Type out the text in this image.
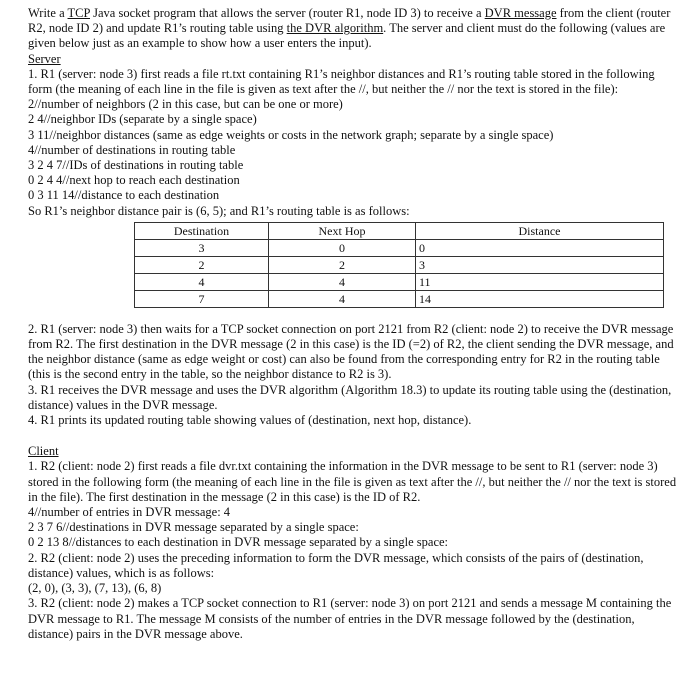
Write a TCP Java socket program that allows the server (router R1, node ID 3) to receive a DVR message from the client (router R2, node ID 2) and update R1’s routing table using the DVR algorithm. The server and client must do the following (values are given below just as an example to show how a user enters the input).

Server

1. R1 (server: node 3) first reads a file rt.txt containing R1’s neighbor distances and R1’s routing table stored in the following form (the meaning of each line in the file is given as text after the //, but neither the // nor the text is stored in the file):

2//number of neighbors (2 in this case, but can be one or more)

2 4//neighbor IDs (separate by a single space)

3 11//neighbor distances (same as edge weights or costs in the network graph; separate by a single space)

4//number of destinations in routing table

3 2 4 7//IDs of destinations in routing table

0 2 4 4//next hop to reach each destination

0 3 11 14//distance to each destination

So R1’s neighbor distance pair is (6, 5); and R1’s routing table is as follows:

Destination	Next Hop	Distance
3	0	0
2	2	3
4	4	11
7	4	14

2. R1 (server: node 3) then waits for a TCP socket connection on port 2121 from R2 (client: node 2) to receive the DVR message from R2. The first destination in the DVR message (2 in this case) is the ID (=2) of R2, the client sending the DVR message, and the neighbor distance (same as edge weight or cost) can also be found from the corresponding entry for R2 in the routing table (this is the second entry in the table, so the neighbor distance to R2 is 3).

3. R1 receives the DVR message and uses the DVR algorithm (Algorithm 18.3) to update its routing table using the (destination, distance) values in the DVR message.

4. R1 prints its updated routing table showing values of (destination, next hop, distance).

Client

1. R2 (client: node 2) first reads a file dvr.txt containing the information in the DVR message to be sent to R1 (server: node 3) stored in the following form (the meaning of each line in the file is given as text after the //, but neither the // nor the text is stored in the file). The first destination in the message (2 in this case) is the ID of R2.

4//number of entries in DVR message: 4

2 3 7 6//destinations in DVR message separated by a single space:

0 2 13 8//distances to each destination in DVR message separated by a single space:

2. R2 (client: node 2) uses the preceding information to form the DVR message, which consists of the pairs of (destination, distance) values, which is as follows:

(2, 0), (3, 3), (7, 13), (6, 8)

3. R2 (client: node 2) makes a TCP socket connection to R1 (server: node 3) on port 2121 and sends a message M containing the DVR message to R1. The message M consists of the number of entries in the DVR message followed by the (destination, distance) pairs in the DVR message above.
